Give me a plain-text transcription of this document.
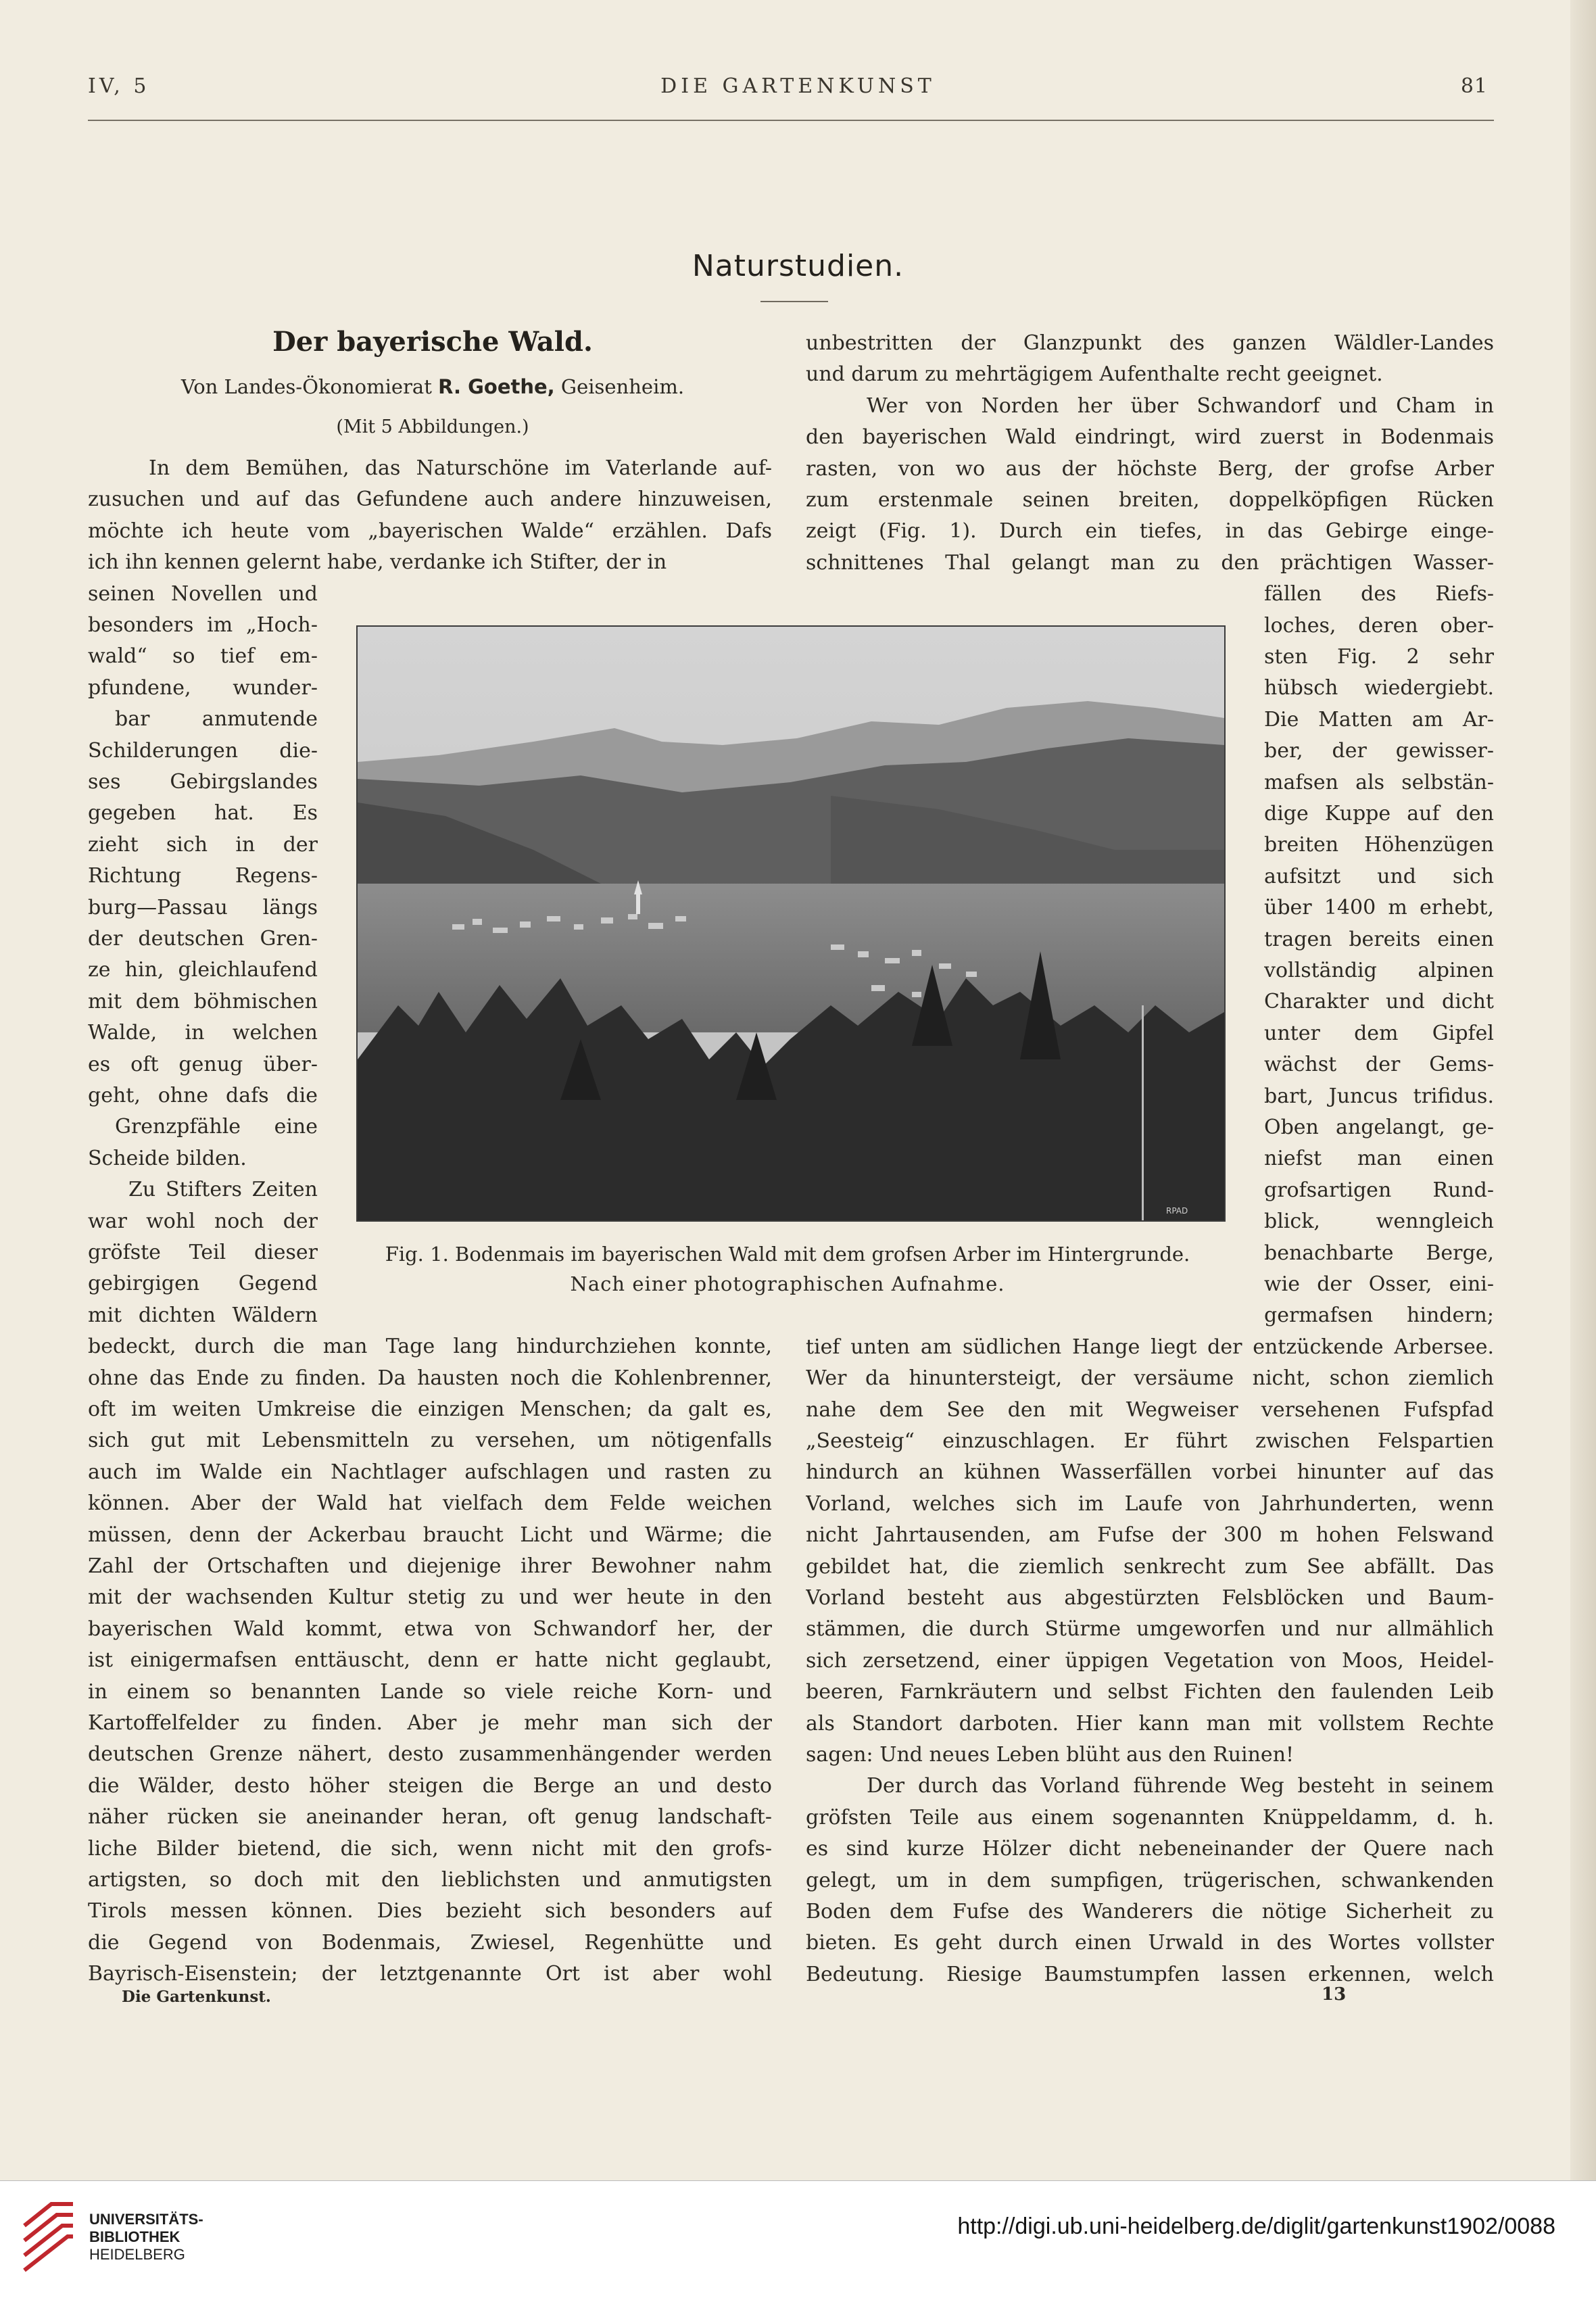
IV, 5	DIE GARTENKUNST	81
Naturstudien.
Der bayerische Wald.
Von Landes-Ökonomierat R. Goethe, Geisenheim.
(Mit 5 Abbildungen.)
In dem Bemühen, das Naturschöne im Vaterlande auf-
zusuchen und auf das Gefundene auch andere hinzuweisen,
möchte ich heute vom „bayerischen Walde“ erzählen. Dafs
ich ihn kennen gelernt habe, verdanke ich Stifter, der in
seinen Novellen und
besonders im „Hoch-
wald“ so tief em-
pfundene, wunder-
bar anmutende
Schilderungen die-
ses Gebirgslandes
gegeben hat. Es
zieht sich in der
Richtung Regens-
burg—Passau längs
der deutschen Gren-
ze hin, gleichlaufend
mit dem böhmischen
Walde, in welchen
es oft genug über-
geht, ohne dafs die
Grenzpfähle eine
Scheide bilden.
Zu Stifters Zeiten
war wohl noch der
gröfste Teil dieser
gebirgigen Gegend
mit dichten Wäldern
bedeckt, durch die man Tage lang hindurchziehen konnte,
ohne das Ende zu finden. Da hausten noch die Kohlenbrenner,
oft im weiten Umkreise die einzigen Menschen; da galt es,
sich gut mit Lebensmitteln zu versehen, um nötigenfalls
auch im Walde ein Nachtlager aufschlagen und rasten zu
können. Aber der Wald hat vielfach dem Felde weichen
müssen, denn der Ackerbau braucht Licht und Wärme; die
Zahl der Ortschaften und diejenige ihrer Bewohner nahm
mit der wachsenden Kultur stetig zu und wer heute in den
bayerischen Wald kommt, etwa von Schwandorf her, der
ist einigermafsen enttäuscht, denn er hatte nicht geglaubt,
in einem so benannten Lande so viele reiche Korn- und
Kartoffelfelder zu finden. Aber je mehr man sich der
deutschen Grenze nähert, desto zusammenhängender werden
die Wälder, desto höher steigen die Berge an und desto
näher rücken sie aneinander heran, oft genug landschaft-
liche Bilder bietend, die sich, wenn nicht mit den grofs-
artigsten, so doch mit den lieblichsten und anmutigsten
Tirols messen können. Dies bezieht sich besonders auf
die Gegend von Bodenmais, Zwiesel, Regenhütte und
Bayrisch-Eisenstein; der letztgenannte Ort ist aber wohl
unbestritten der Glanzpunkt des ganzen Wäldler-Landes
und darum zu mehrtägigem Aufenthalte recht geeignet.
Wer von Norden her über Schwandorf und Cham in
den bayerischen Wald eindringt, wird zuerst in Bodenmais
rasten, von wo aus der höchste Berg, der grofse Arber
zum erstenmale seinen breiten, doppelköpfigen Rücken
zeigt (Fig. 1). Durch ein tiefes, in das Gebirge einge-
schnittenes Thal gelangt man zu den prächtigen Wasser-
fällen des Riefs-
loches, deren ober-
sten Fig. 2 sehr
hübsch wiedergiebt.
Die Matten am Ar-
ber, der gewisser-
mafsen als selbstän-
dige Kuppe auf den
breiten Höhenzügen
aufsitzt und sich
über 1400 m erhebt,
tragen bereits einen
vollständig alpinen
Charakter und dicht
unter dem Gipfel
wächst der Gems-
bart, Juncus trifidus.
Oben angelangt, ge-
niefst man einen
grofsartigen Rund-
blick, wenngleich
benachbarte Berge,
wie der Osser, eini-
germafsen hindern;
tief unten am südlichen Hange liegt der entzückende Arbersee.
Wer da hinuntersteigt, der versäume nicht, schon ziemlich
nahe dem See den mit Wegweiser versehenen Fufspfad
„Seesteig“ einzuschlagen. Er führt zwischen Felspartien
hindurch an kühnen Wasserfällen vorbei hinunter auf das
Vorland, welches sich im Laufe von Jahrhunderten, wenn
nicht Jahrtausenden, am Fufse der 300 m hohen Felswand
gebildet hat, die ziemlich senkrecht zum See abfällt. Das
Vorland besteht aus abgestürzten Felsblöcken und Baum-
stämmen, die durch Stürme umgeworfen und nur allmählich
sich zersetzend, einer üppigen Vegetation von Moos, Heidel-
beeren, Farnkräutern und selbst Fichten den faulenden Leib
als Standort darboten. Hier kann man mit vollstem Rechte
sagen: Und neues Leben blüht aus den Ruinen!
Der durch das Vorland führende Weg besteht in seinem
gröfsten Teile aus einem sogenannten Knüppeldamm, d. h.
es sind kurze Hölzer dicht nebeneinander der Quere nach
gelegt, um in dem sumpfigen, trügerischen, schwankenden
Boden dem Fufse des Wanderers die nötige Sicherheit zu
bieten. Es geht durch einen Urwald in des Wortes vollster
Bedeutung. Riesige Baumstumpfen lassen erkennen, welch
RPAD
Fig. 1. Bodenmais im bayerischen Wald mit dem grofsen Arber im Hintergrunde.
Nach einer photographischen Aufnahme.
Die Gartenkunst.	13
UNIVERSITÄTS-
BIBLIOTHEK
HEIDELBERG
http://digi.ub.uni-heidelberg.de/diglit/gartenkunst1902/0088
